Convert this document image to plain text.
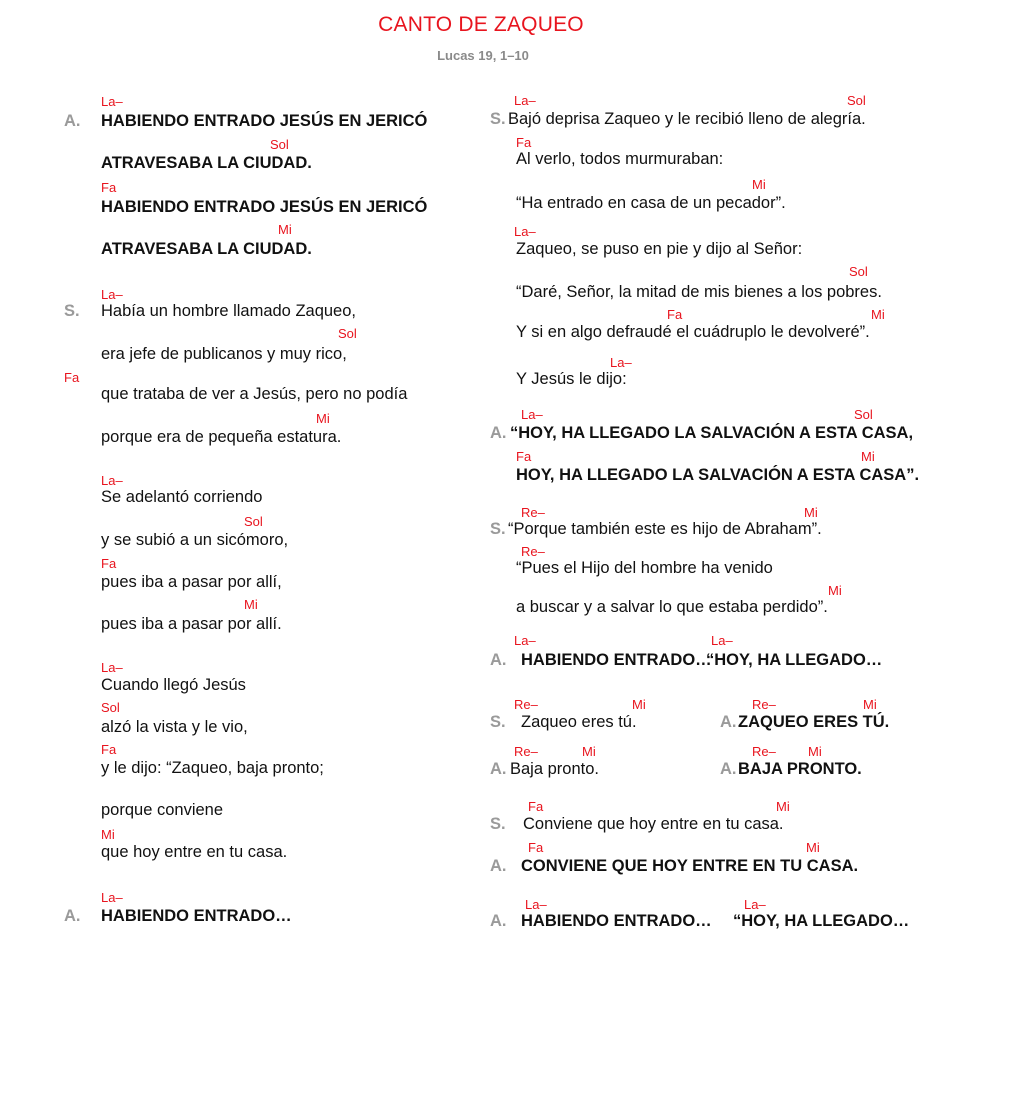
CANTO DE ZAQUEO
Lucas 19, 1–10
La–
A. HABIENDO ENTRADO JESÚS EN JERICÓ
Sol
ATRAVESABA LA CIUDAD.
Fa
HABIENDO ENTRADO JESÚS EN JERICÓ
Mi
ATRAVESABA LA CIUDAD.
La–
S. Había un hombre llamado Zaqueo,
Sol
era jefe de publicanos y muy rico,
Fa
que trataba de ver a Jesús, pero no podía
Mi
porque era de pequeña estatura.
La–
Se adelantó corriendo
Sol
y se subió a un sicómoro,
Fa
pues iba a pasar por allí,
Mi
pues iba a pasar por allí.
La–
Cuando llegó Jesús
Sol
alzó la vista y le vio,
Fa
y le dijo: “Zaqueo, baja pronto;
porque conviene
Mi
que hoy entre en tu casa.
La–
A. HABIENDO ENTRADO…
La–	Sol
S. Bajó deprisa Zaqueo y le recibió lleno de alegría.
Fa
Al verlo, todos murmuraban:
Mi
“Ha entrado en casa de un pecador”.
La–
Zaqueo, se puso en pie y dijo al Señor:
Sol
“Daré, Señor, la mitad de mis bienes a los pobres.
Fa	Mi
Y si en algo defraudé el cuádruplo le devolveré”.
La–
Y Jesús le dijo:
La–	Sol
A. “HOY, HA LLEGADO LA SALVACIÓN A ESTA CASA,
Fa	Mi
HOY, HA LLEGADO LA SALVACIÓN A ESTA CASA”.
Re–	Mi
S. “Porque también este es hijo de Abraham”.
Re–
“Pues el Hijo del hombre ha venido
Mi
a buscar y a salvar lo que estaba perdido”.
La–	La–
A. HABIENDO ENTRADO…
“HOY, HA LLEGADO…
Re–	Mi	Re–	Mi
S. Zaqueo eres tú.	A. ZAQUEO ERES TÚ.
Re–	Mi	Re– Mi
A. Baja pronto.	A. BAJA PRONTO.
Fa	Mi
S. Conviene que hoy entre en tu casa.
Fa	Mi
A. CONVIENE QUE HOY ENTRE EN TU CASA.
La–	La–
A. HABIENDO ENTRADO… “HOY, HA LLEGADO…
